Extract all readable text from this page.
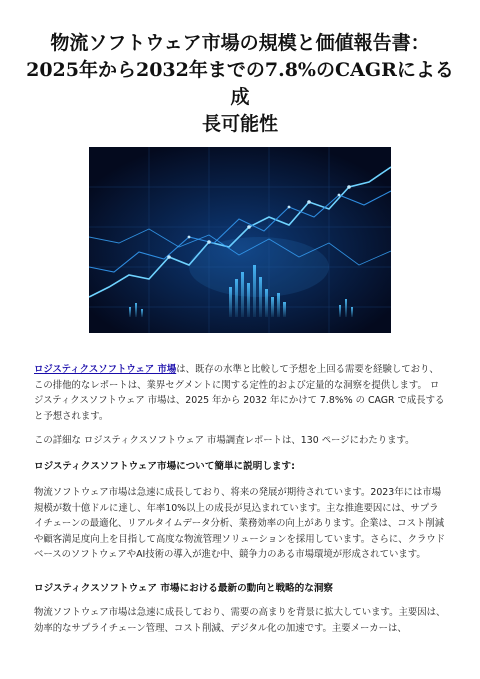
物流ソフトウェア市場の規模と価値報告書：
2025年から2032年までの7.8%のCAGRによる成
長可能性

ロジスティクスソフトウェア 市場は、既存の水準と比較して予想を上回る需要を経験しており、この排他的なレポートは、業界セグメントに関する定性的および定量的な洞察を提供します。 ロジスティクスソフトウェア 市場は、2025 年から 2032 年にかけて 7.8%% の CAGR で成長すると予想されます。

この詳細な ロジスティクスソフトウェア 市場調査レポートは、130 ページにわたります。

ロジスティクスソフトウェア市場について簡単に説明します:

物流ソフトウェア市場は急速に成長しており、将来の発展が期待されています。2023年には市場規模が数十億ドルに達し、年率10%以上の成長が見込まれています。主な推進要因には、サプライチェーンの最適化、リアルタイムデータ分析、業務効率の向上があります。企業は、コスト削減や顧客満足度向上を目指して高度な物流管理ソリューションを採用しています。さらに、クラウドベースのソフトウェアやAI技術の導入が進む中、競争力のある市場環境が形成されています。

ロジスティクスソフトウェア 市場における最新の動向と戦略的な洞察

物流ソフトウェア市場は急速に成長しており、需要の高まりを背景に拡大しています。主要因は、効率的なサプライチェーン管理、コスト削減、デジタル化の加速です。主要メーカーは、
